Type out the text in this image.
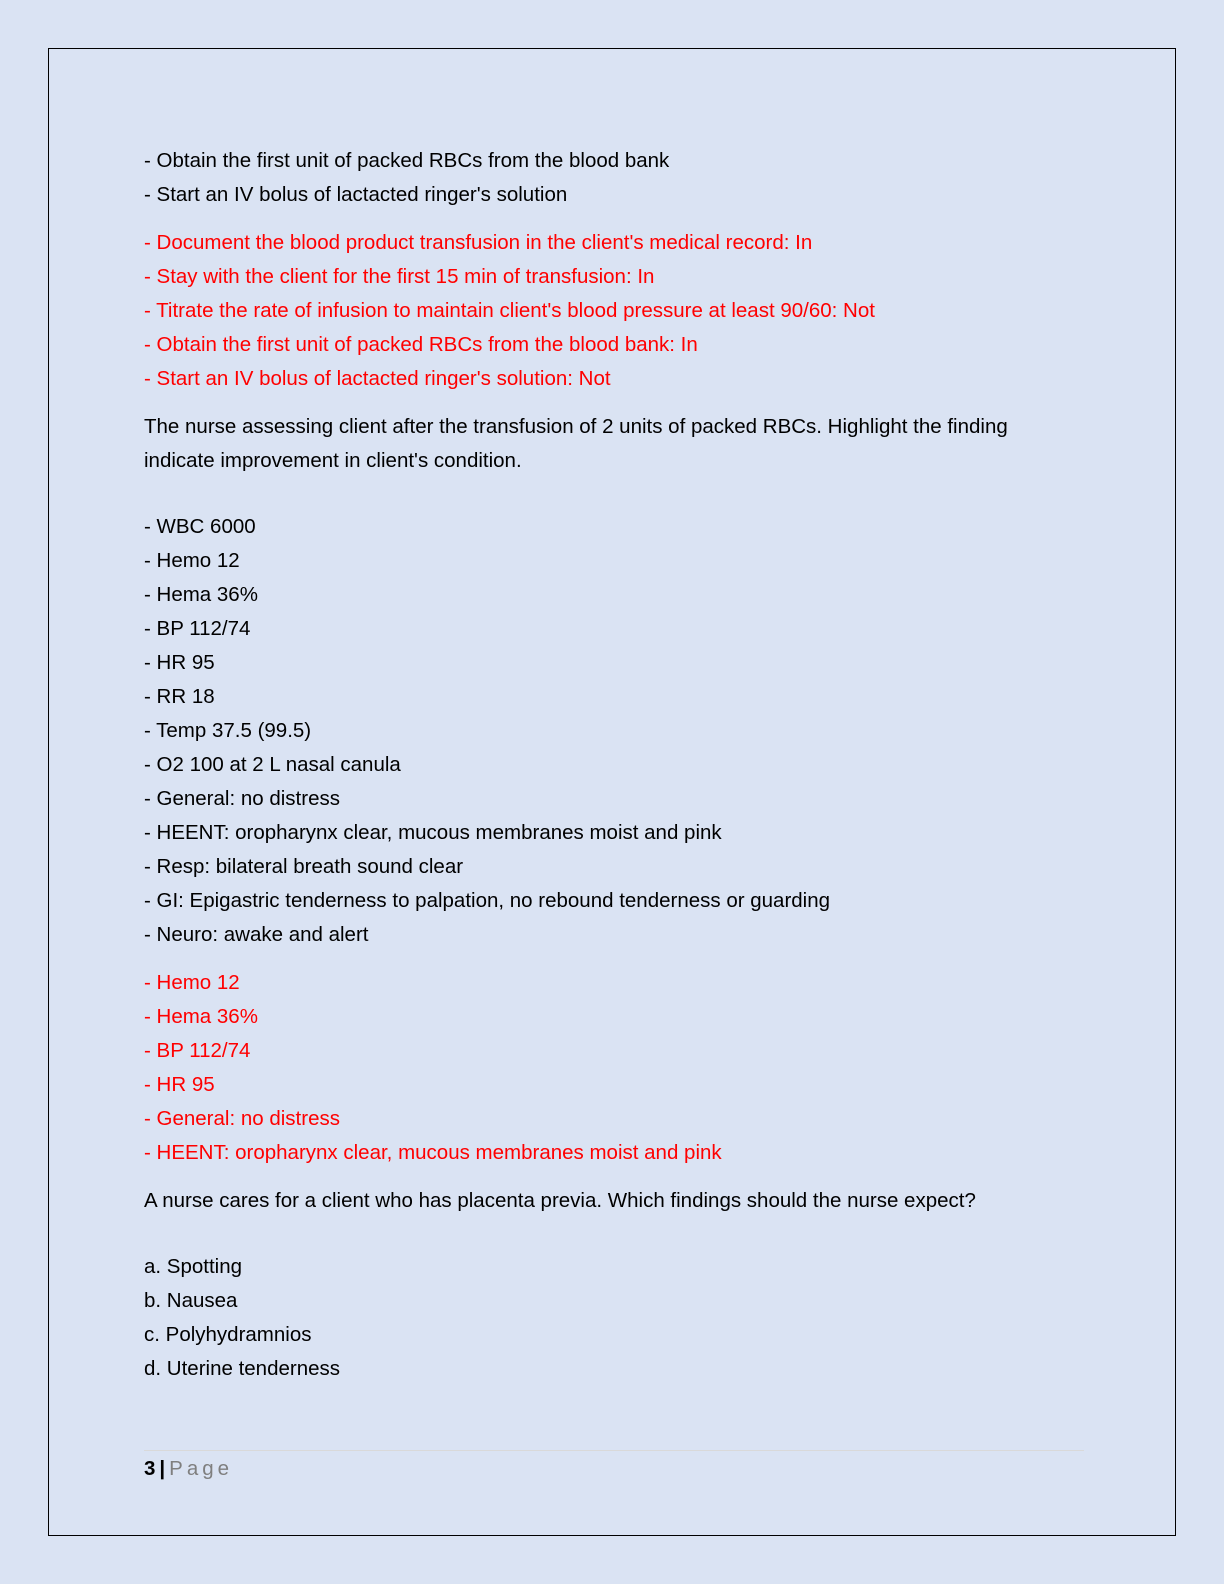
- Obtain the first unit of packed RBCs from the blood bank
- Start an IV bolus of lactacted ringer's solution
- Document the blood product transfusion in the client's medical record: In
- Stay with the client for the first 15 min of transfusion: In
- Titrate the rate of infusion to maintain client's blood pressure at least 90/60: Not
- Obtain the first unit of packed RBCs from the blood bank: In
- Start an IV bolus of lactacted ringer's solution: Not
The nurse assessing client after the transfusion of 2 units of packed RBCs. Highlight the finding indicate improvement in client's condition.
- WBC 6000
- Hemo 12
- Hema 36%
- BP 112/74
- HR 95
- RR 18
- Temp 37.5 (99.5)
- O2 100 at 2 L nasal canula
- General: no distress
- HEENT: oropharynx clear, mucous membranes moist and pink
- Resp: bilateral breath sound clear
- GI: Epigastric tenderness to palpation, no rebound tenderness or guarding
- Neuro: awake and alert
- Hemo 12
- Hema 36%
- BP 112/74
- HR 95
- General: no distress
- HEENT: oropharynx clear, mucous membranes moist and pink
A nurse cares for a client who has placenta previa. Which findings should the nurse expect?
a. Spotting
b. Nausea
c. Polyhydramnios
d. Uterine tenderness
3 | Page
